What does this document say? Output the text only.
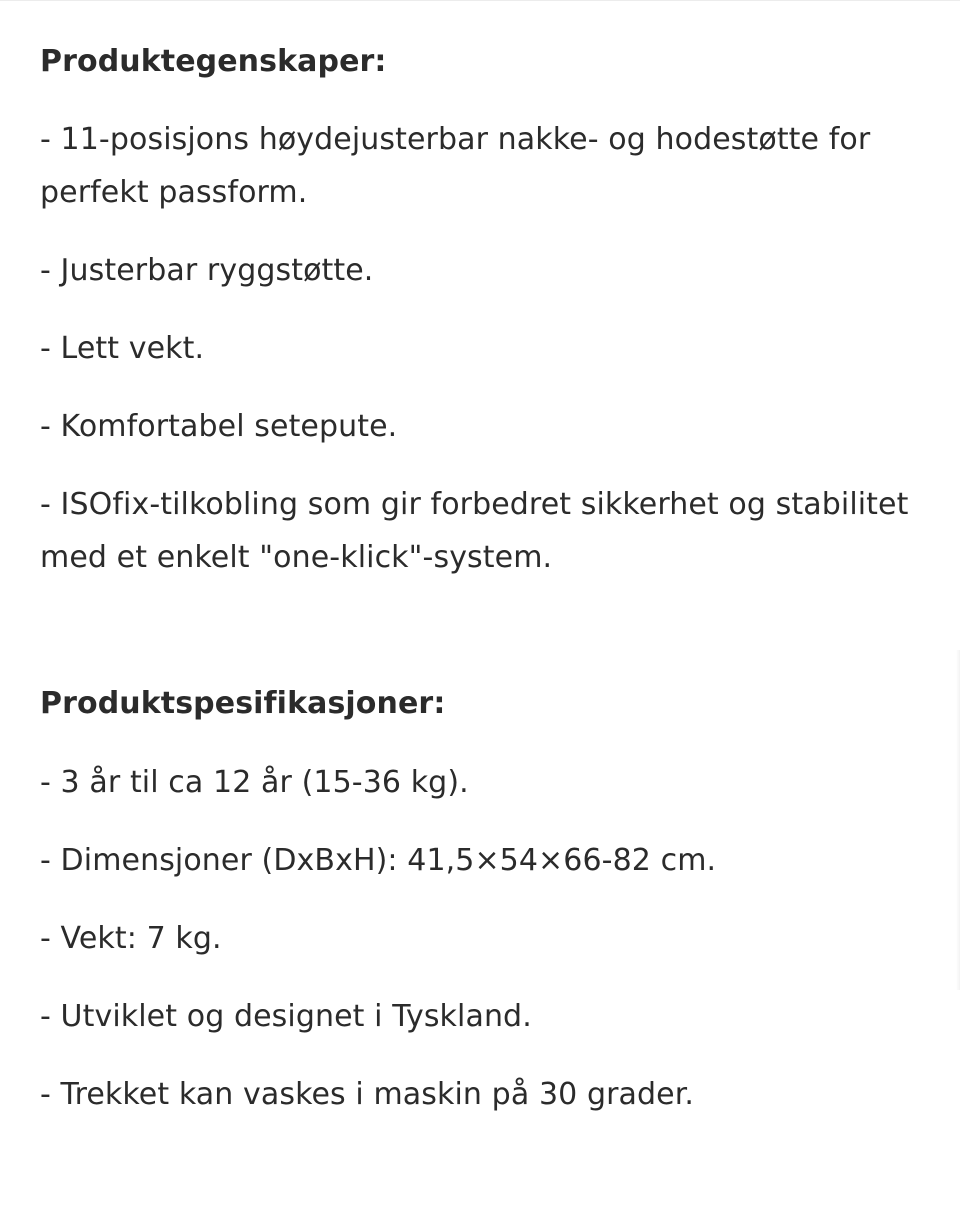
Produktegenskaper:
- 11-posisjons høydejusterbar nakke- og hodestøtte for perfekt passform.
- Justerbar ryggstøtte.
- Lett vekt.
- Komfortabel setepute.
- ISOfix-tilkobling som gir forbedret sikkerhet og stabilitet med et enkelt "one-klick"-system.
Produktspesifikasjoner:
- 3 år til ca 12 år (15-36 kg).
- Dimensjoner (DxBxH): 41,5×54×66-82 cm.
- Vekt: 7 kg.
- Utviklet og designet i Tyskland.
- Trekket kan vaskes i maskin på 30 grader.
